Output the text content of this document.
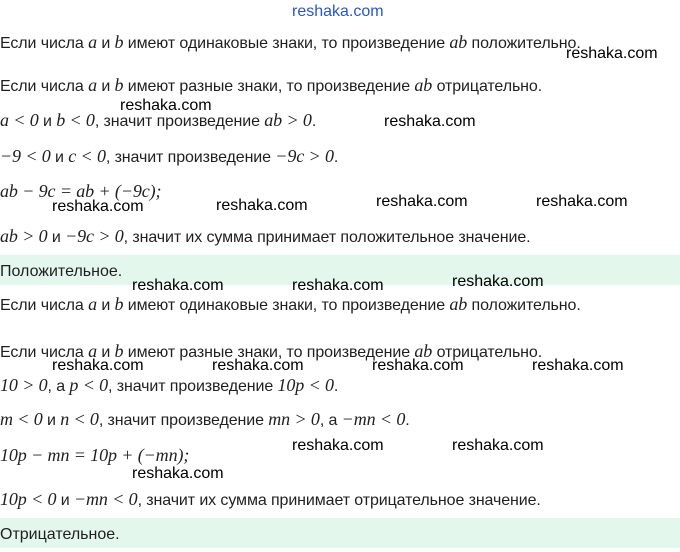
Если числа a и b имеют одинаковые знаки, то произведение ab положительно.
Если числа a и b имеют разные знаки, то произведение ab отрицательно.
a < 0 и b < 0, значит произведение ab > 0.
−9 < 0 и c < 0, значит произведение −9c > 0.
ab − 9c = ab + (−9c);
ab > 0 и −9c > 0, значит их сумма принимает положительное значение.
Положительное.
Если числа a и b имеют одинаковые знаки, то произведение ab положительно.
Если числа a и b имеют разные знаки, то произведение ab отрицательно.
10 > 0, а p < 0, значит произведение 10p < 0.
m < 0 и n < 0, значит произведение mn > 0, а −mn < 0.
10p − mn = 10p + (−mn);
10p < 0 и −mn < 0, значит их сумма принимает отрицательное значение.
Отрицательное.
reshaka.com
reshaka.com
reshaka.com
reshaka.com
reshaka.com	reshaka.com	reshaka.com	reshaka.com
reshaka.com
reshaka.com	reshaka.com
reshaka.com	reshaka.com	reshaka.com	reshaka.com
reshaka.com	reshaka.com
reshaka.com
